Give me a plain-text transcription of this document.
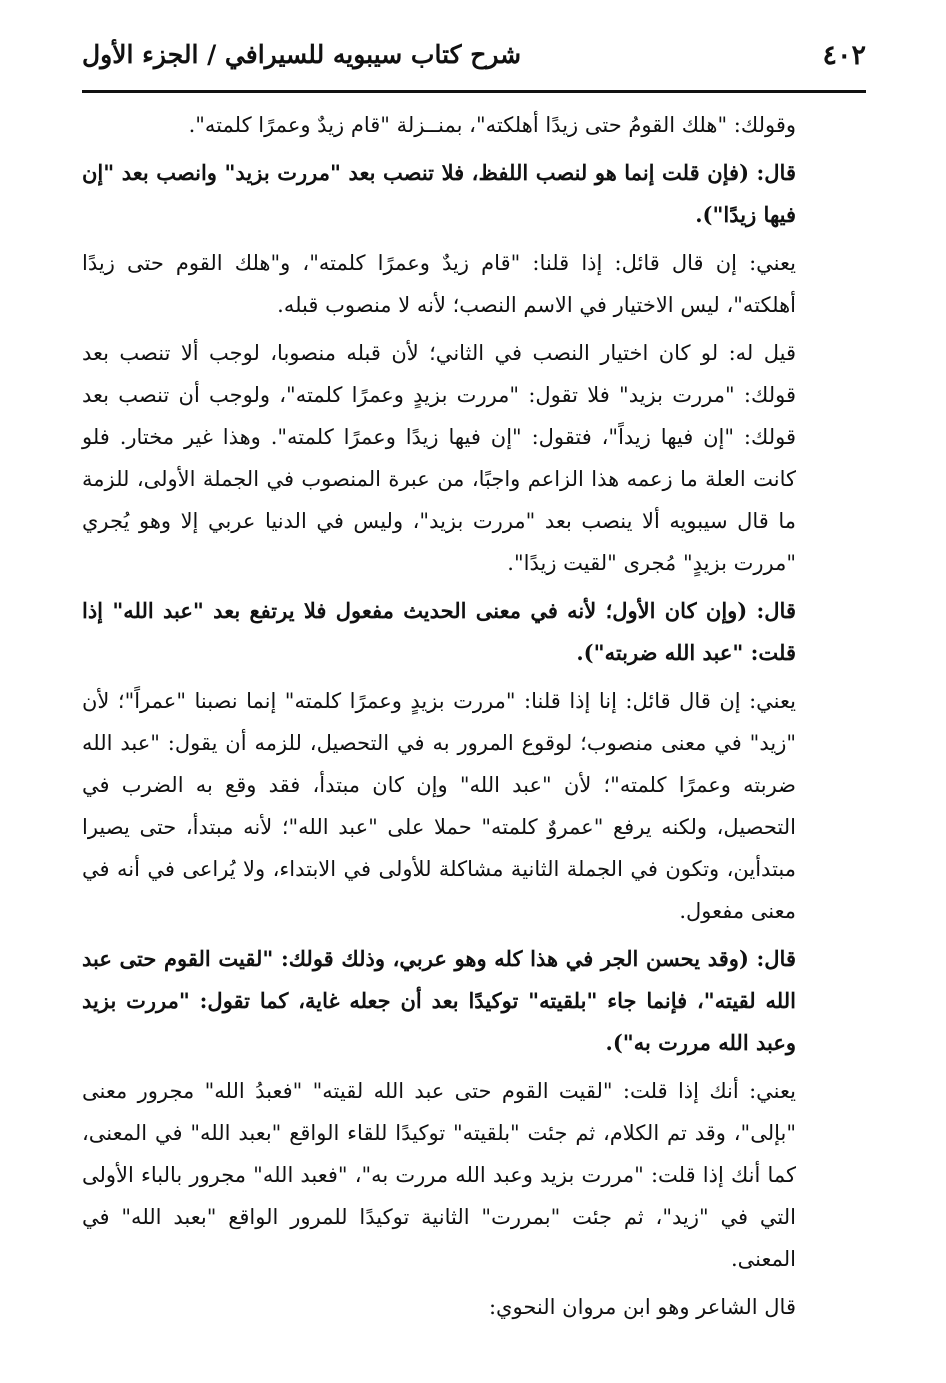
٤٠٢
شرح كتاب سيبويه للسيرافي / الجزء الأول

وقولك: "هلك القومُ حتى زيدًا أهلكته"، بمنــزلة "قام زيدٌ وعمرًا كلمته".

قال: (فإن قلت إنما هو لنصب اللفظ، فلا تنصب بعد "مررت بزيد" وانصب بعد "إن فيها زيدًا").

يعني: إن قال قائل: إذا قلنا: "قام زيدٌ وعمرًا كلمته"، و"هلك القوم حتى زيدًا أهلكته"، ليس الاختيار في الاسم النصب؛ لأنه لا منصوب قبله.

قيل له: لو كان اختيار النصب في الثاني؛ لأن قبله منصوبا، لوجب ألا تنصب بعد قولك: "مررت بزيد" فلا تقول: "مررت بزيدٍ وعمرًا كلمته"، ولوجب أن تنصب بعد قولك: "إن فيها زيداً"، فتقول: "إن فيها زيدًا وعمرًا كلمته". وهذا غير مختار. فلو كانت العلة ما زعمه هذا الزاعم واجبًا، من عبرة المنصوب في الجملة الأولى، للزمة ما قال سيبويه ألا ينصب بعد "مررت بزيد"، وليس في الدنيا عربي إلا وهو يُجري "مررت بزيدٍ" مُجرى "لقيت زيدًا".

قال: (وإن كان الأول؛ لأنه في معنى الحديث مفعول فلا يرتفع بعد "عبد الله" إذا قلت: "عبد الله ضربته").

يعني: إن قال قائل: إنا إذا قلنا: "مررت بزيدٍ وعمرًا كلمته" إنما نصبنا "عمراً"؛ لأن "زيد" في معنى منصوب؛ لوقوع المرور به في التحصيل، للزمه أن يقول: "عبد الله ضربته وعمرًا كلمته"؛ لأن "عبد الله" وإن كان مبتدأ، فقد وقع به الضرب في التحصيل، ولكنه يرفع "عمروٌ كلمته" حملا على "عبد الله"؛ لأنه مبتدأ، حتى يصيرا مبتدأين، وتكون في الجملة الثانية مشاكلة للأولى في الابتداء، ولا يُراعى في أنه في معنى مفعول.

قال: (وقد يحسن الجر في هذا كله وهو عربي، وذلك قولك: "لقيت القوم حتى عبد الله لقيته"، فإنما جاء "بلقيته" توكيدًا بعد أن جعله غاية، كما تقول: "مررت بزيد وعبد الله مررت به").

يعني: أنك إذا قلت: "لقيت القوم حتى عبد الله لقيته" "فعبدُ الله" مجرور معنى "بإلى"، وقد تم الكلام، ثم جئت "بلقيته" توكيدًا للقاء الواقع "بعبد الله" في المعنى، كما أنك إذا قلت: "مررت بزيد وعبد الله مررت به"، "فعبد الله" مجرور بالباء الأولى التي في "زيد"، ثم جئت "بمررت" الثانية توكيدًا للمرور الواقع "بعبد الله" في المعنى.

قال الشاعر وهو ابن مروان النحوي:
